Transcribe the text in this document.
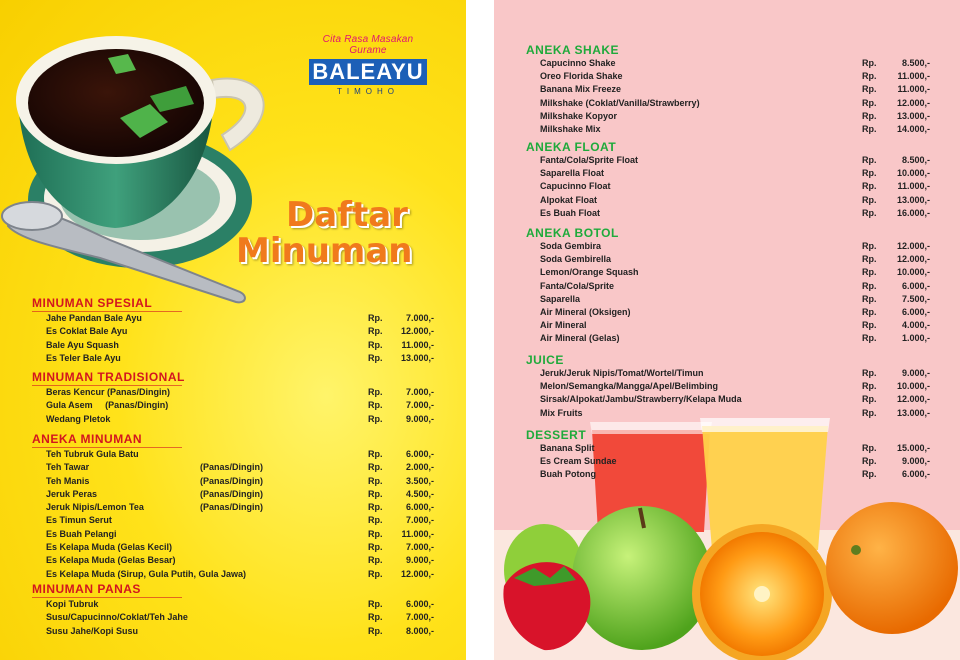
Cita Rasa Masakan Gurame
BALEAYU
TIMOHO
Daftar
Minuman
MINUMAN SPESIAL
Jahe Pandan Bale Ayu	Rp.	7.000,-
Es Coklat Bale Ayu	Rp.	12.000,-
Bale Ayu Squash	Rp.	11.000,-
Es Teler Bale Ayu	Rp.	13.000,-
MINUMAN TRADISIONAL
Beras Kencur (Panas/Dingin)	Rp.	7.000,-
Gula Asem     (Panas/Dingin)	Rp.	7.000,-
Wedang Pletok	Rp.	9.000,-
ANEKA MINUMAN
Teh Tubruk Gula Batu	Rp.	6.000,-
Teh Tawar	(Panas/Dingin)	Rp.	2.000,-
Teh Manis	(Panas/Dingin)	Rp.	3.500,-
Jeruk Peras	(Panas/Dingin)	Rp.	4.500,-
Jeruk Nipis/Lemon Tea	(Panas/Dingin)	Rp.	6.000,-
Es Timun Serut	Rp.	7.000,-
Es Buah Pelangi	Rp.	11.000,-
Es Kelapa Muda (Gelas Kecil)	Rp.	7.000,-
Es Kelapa Muda (Gelas Besar)	Rp.	9.000,-
Es Kelapa Muda (Sirup, Gula Putih, Gula Jawa)	Rp.	12.000,-
MINUMAN PANAS
Kopi Tubruk	Rp.	6.000,-
Susu/Capucinno/Coklat/Teh Jahe	Rp.	7.000,-
Susu Jahe/Kopi Susu	Rp.	8.000,-
ANEKA SHAKE
Capucinno Shake	Rp.	8.500,-
Oreo Florida Shake	Rp.	11.000,-
Banana Mix Freeze	Rp.	11.000,-
Milkshake (Coklat/Vanilla/Strawberry)	Rp.	12.000,-
Milkshake Kopyor	Rp.	13.000,-
Milkshake Mix	Rp.	14.000,-
ANEKA FLOAT
Fanta/Cola/Sprite Float	Rp.	8.500,-
Saparella Float	Rp.	10.000,-
Capucinno Float	Rp.	11.000,-
Alpokat Float	Rp.	13.000,-
Es Buah Float	Rp.	16.000,-
ANEKA BOTOL
Soda Gembira	Rp.	12.000,-
Soda Gembirella	Rp.	12.000,-
Lemon/Orange Squash	Rp.	10.000,-
Fanta/Cola/Sprite	Rp.	6.000,-
Saparella	Rp.	7.500,-
Air Mineral (Oksigen)	Rp.	6.000,-
Air Mineral	Rp.	4.000,-
Air Mineral (Gelas)	Rp.	1.000,-
JUICE
Jeruk/Jeruk Nipis/Tomat/Wortel/Timun	Rp.	9.000,-
Melon/Semangka/Mangga/Apel/Belimbing	Rp.	10.000,-
Sirsak/Alpokat/Jambu/Strawberry/Kelapa Muda	Rp.	12.000,-
Mix Fruits	Rp.	13.000,-
DESSERT
Banana Split	Rp.	15.000,-
Es Cream Sundae	Rp.	9.000,-
Buah Potong	Rp.	6.000,-
